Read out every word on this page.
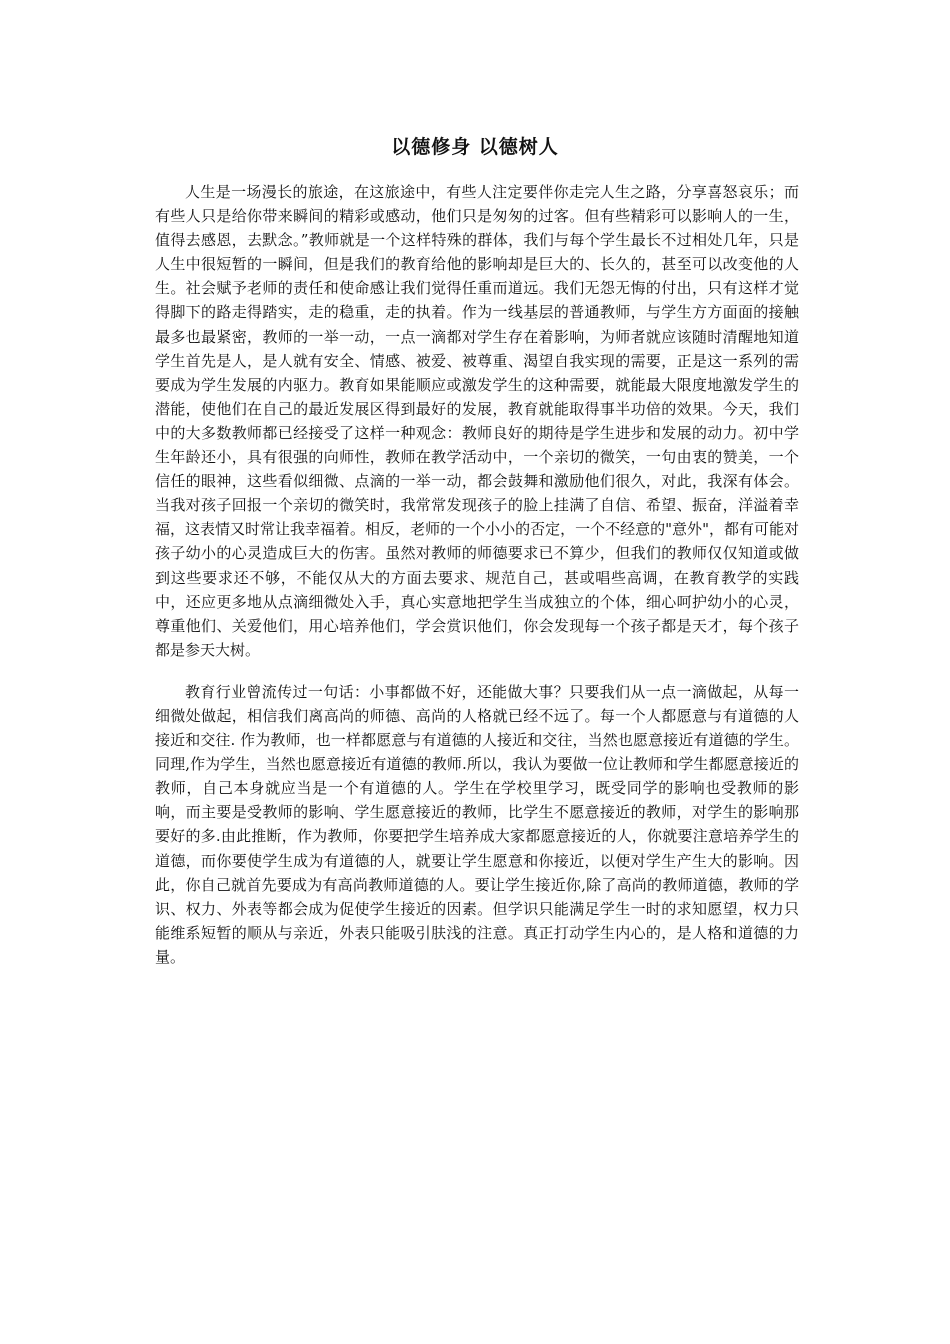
以德修身 以德树人

人生是一场漫长的旅途，在这旅途中，有些人注定要伴你走完人生之路，分享喜怒哀乐；而有些人只是给你带来瞬间的精彩或感动，他们只是匆匆的过客。但有些精彩可以影响人的一生，值得去感恩，去默念。”教师就是一个这样特殊的群体，我们与每个学生最长不过相处几年，只是人生中很短暂的一瞬间，但是我们的教育给他的影响却是巨大的、长久的，甚至可以改变他的人生。社会赋予老师的责任和使命感让我们觉得任重而道远。我们无怨无悔的付出，只有这样才觉得脚下的路走得踏实，走的稳重，走的执着。作为一线基层的普通教师，与学生方方面面的接触最多也最紧密，教师的一举一动，一点一滴都对学生存在着影响，为师者就应该随时清醒地知道学生首先是人，是人就有安全、情感、被爱、被尊重、渴望自我实现的需要，正是这一系列的需要成为学生发展的内驱力。教育如果能顺应或激发学生的这种需要，就能最大限度地激发学生的潜能，使他们在自己的最近发展区得到最好的发展，教育就能取得事半功倍的效果。今天，我们中的大多数教师都已经接受了这样一种观念：教师良好的期待是学生进步和发展的动力。初中学生年龄还小，具有很强的向师性，教师在教学活动中，一个亲切的微笑，一句由衷的赞美，一个信任的眼神，这些看似细微、点滴的一举一动，都会鼓舞和激励他们很久，对此，我深有体会。当我对孩子回报一个亲切的微笑时，我常常发现孩子的脸上挂满了自信、希望、振奋，洋溢着幸福，这表情又时常让我幸福着。相反，老师的一个小小的否定，一个不经意的"意外"，都有可能对孩子幼小的心灵造成巨大的伤害。虽然对教师的师德要求已不算少，但我们的教师仅仅知道或做到这些要求还不够，不能仅从大的方面去要求、规范自己，甚或唱些高调，在教育教学的实践中，还应更多地从点滴细微处入手，真心实意地把学生当成独立的个体，细心呵护幼小的心灵，尊重他们、关爱他们，用心培养他们，学会赏识他们，你会发现每一个孩子都是天才，每个孩子都是参天大树。

教育行业曾流传过一句话：小事都做不好，还能做大事？只要我们从一点一滴做起，从每一细微处做起，相信我们离高尚的师德、高尚的人格就已经不远了。每一个人都愿意与有道德的人接近和交往. 作为教师，也一样都愿意与有道德的人接近和交往，当然也愿意接近有道德的学生。同理,作为学生，当然也愿意接近有道德的教师.所以，我认为要做一位让教师和学生都愿意接近的教师，自己本身就应当是一个有道德的人。学生在学校里学习，既受同学的影响也受教师的影响，而主要是受教师的影响、学生愿意接近的教师，比学生不愿意接近的教师，对学生的影响那要好的多.由此推断，作为教师，你要把学生培养成大家都愿意接近的人，你就要注意培养学生的道德，而你要使学生成为有道德的人，就要让学生愿意和你接近，以便对学生产生大的影响。因此，你自己就首先要成为有高尚教师道德的人。要让学生接近你,除了高尚的教师道德，教师的学识、权力、外表等都会成为促使学生接近的因素。但学识只能满足学生一时的求知愿望，权力只能维系短暂的顺从与亲近，外表只能吸引肤浅的注意。真正打动学生内心的，是人格和道德的力量。
